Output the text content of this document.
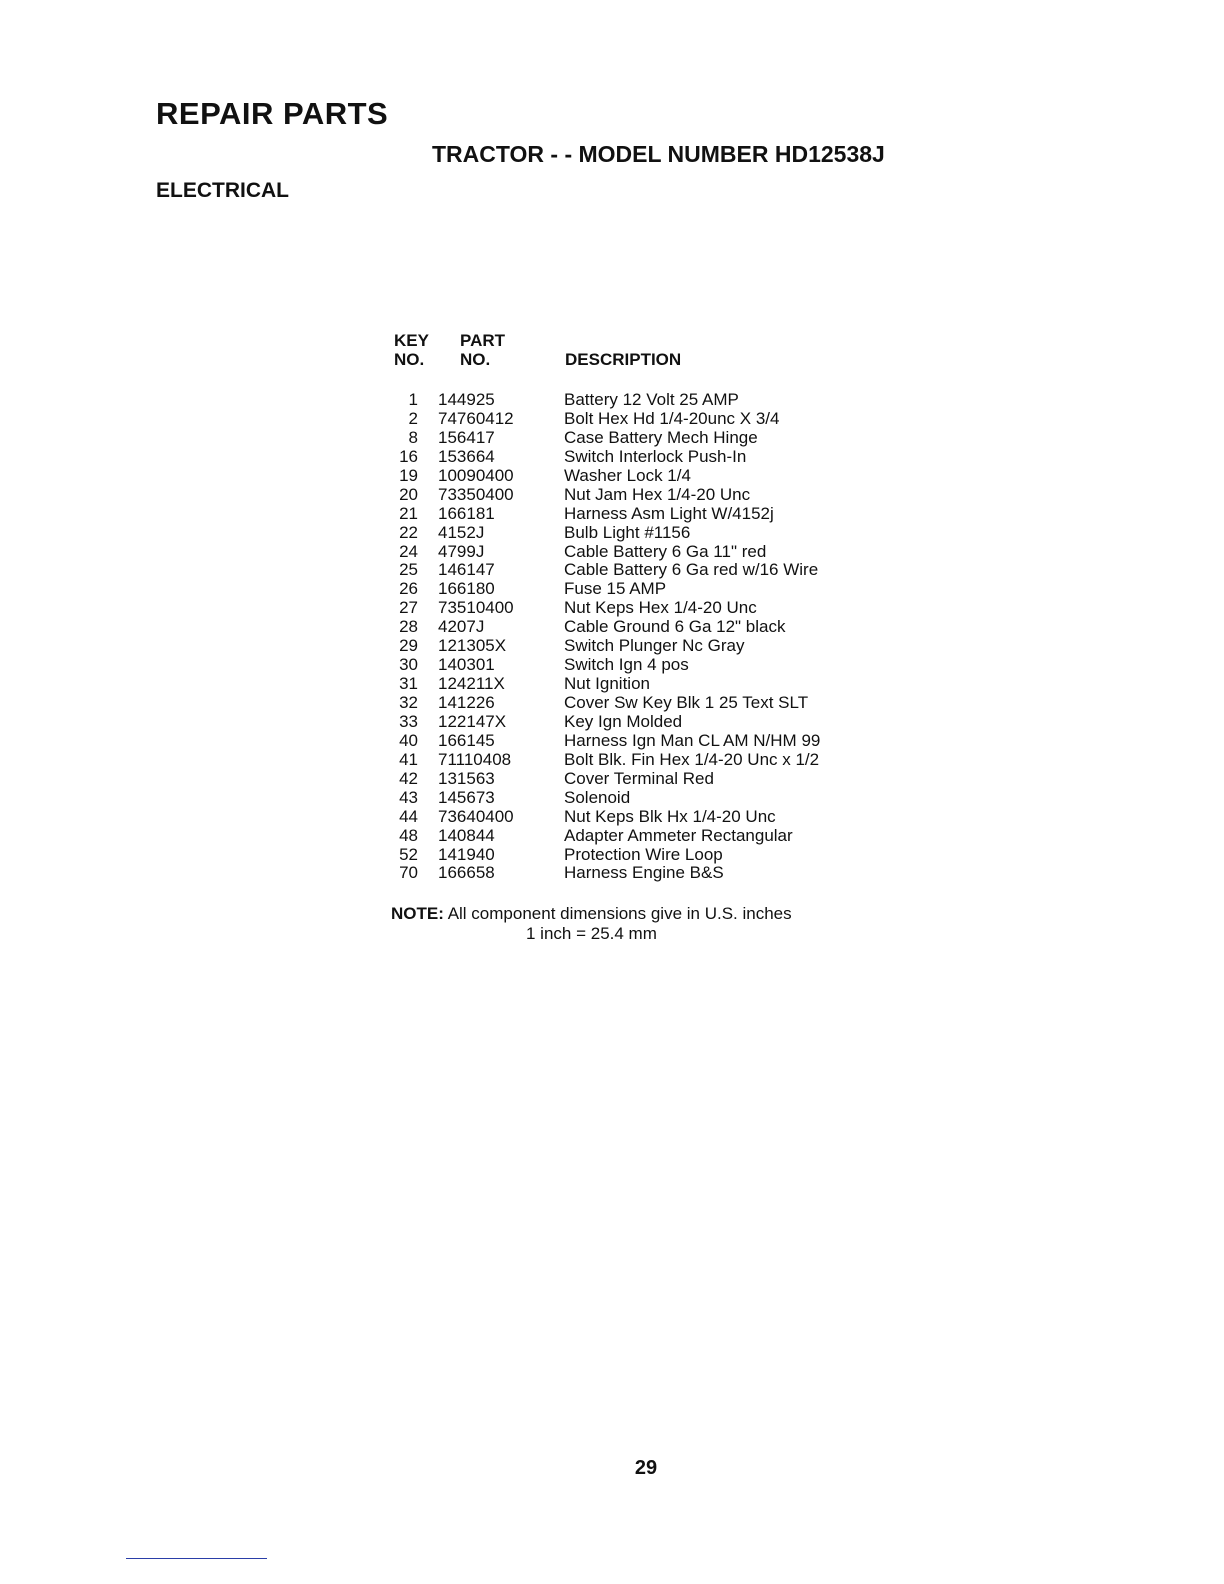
REPAIR PARTS
TRACTOR - - MODEL NUMBER HD12538J
ELECTRICAL
KEY
NO.
PART
NO.	DESCRIPTION
1 144925	Battery 12 Volt 25 AMP
2 74760412	Bolt Hex Hd 1/4-20unc X 3/4
8 156417	Case Battery Mech Hinge
16 153664	Switch Interlock Push-In
19 10090400	Washer Lock 1/4
20 73350400	Nut Jam Hex 1/4-20 Unc
21 166181	Harness Asm Light W/4152j
22 4152J	Bulb Light #1156
24 4799J	Cable Battery 6 Ga 11" red
25 146147	Cable Battery 6 Ga red w/16 Wire
26 166180	Fuse 15 AMP
27 73510400	Nut Keps Hex 1/4-20 Unc
28 4207J	Cable Ground 6 Ga 12" black
29 121305X	Switch Plunger Nc Gray
30 140301	Switch Ign 4 pos
31 124211X	Nut Ignition
32 141226	Cover Sw Key Blk 1 25 Text SLT
33 122147X	Key Ign Molded
40 166145	Harness Ign Man CL AM N/HM 99
41 71110408	Bolt Blk. Fin Hex 1/4-20 Unc x 1/2
42 131563	Cover Terminal Red
43 145673	Solenoid
44 73640400	Nut Keps Blk Hx 1/4-20 Unc
48 140844	Adapter Ammeter Rectangular
52 141940	Protection Wire Loop
70 166658	Harness Engine B&S
NOTE: All component dimensions give in U.S. inches
1 inch = 25.4 mm
29
